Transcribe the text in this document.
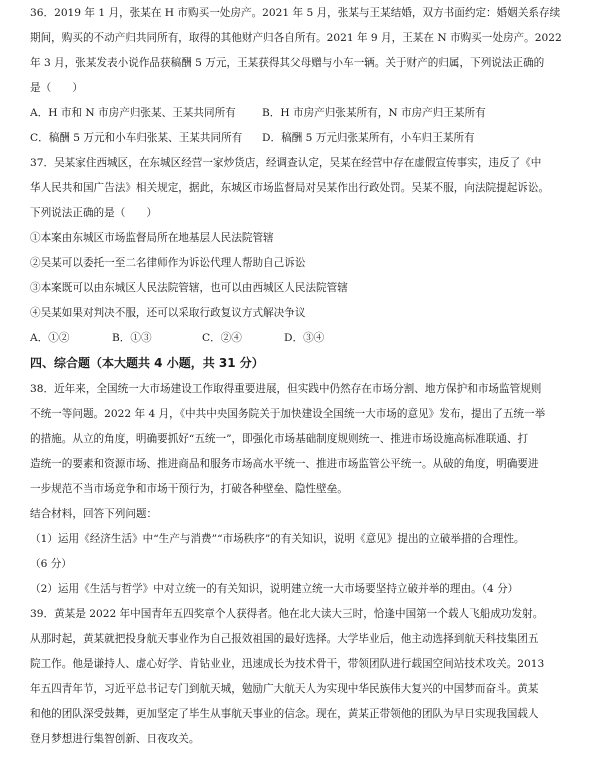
36．2019 年 1 月，张某在 H 市购买一处房产。2021 年 5 月，张某与王某结婚，双方书面约定：婚姻关系存续
期间，购买的不动产归共同所有，取得的其他财产归各自所有。2021 年 9 月，王某在 N 市购买一处房产。2022
年 3 月，张某发表小说作品获稿酬 5 万元，王某获得其父母赠与小车一辆。关于财产的归属，下列说法正确的
是（　　）
A．H 市和 N 市房产归张某、王某共同所有 B．H 市房产归张某所有，N 市房产归王某所有
C．稿酬 5 万元和小车归张某、王某共同所有 D．稿酬 5 万元归张某所有，小车归王某所有
37．吴某家住西城区，在东城区经营一家炒货店，经调查认定，吴某在经营中存在虚假宣传事实，违反了《中
华人民共和国广告法》相关规定，据此，东城区市场监督局对吴某作出行政处罚。吴某不服，向法院提起诉讼。
下列说法正确的是（　　）
①本案由东城区市场监督局所在地基层人民法院管辖
②吴某可以委托一至二名律师作为诉讼代理人帮助自己诉讼
③本案既可以由东城区人民法院管辖，也可以由西城区人民法院管辖
④吴某如果对判决不服，还可以采取行政复议方式解决争议
A．①②	B．①③	C．②④	D．③④
四、综合题（本大题共 4 小题，共 31 分）
38．近年来，全国统一大市场建设工作取得重要进展，但实践中仍然存在市场分割、地方保护和市场监管规则
不统一等问题。2022 年 4 月，《中共中央国务院关于加快建设全国统一大市场的意见》发布，提出了五统一举
的措施。从立的角度，明确要抓好“五统一”，即强化市场基础制度规则统一、推进市场设施高标准联通、打
造统一的要素和资源市场、推进商品和服务市场高水平统一、推进市场监管公平统一。从破的角度，明确要进
一步规范不当市场竞争和市场干预行为，打破各种壁垒、隐性壁垒。
结合材料，回答下列问题：
（1）运用《经济生活》中“生产与消费”“市场秩序”的有关知识，说明《意见》提出的立破举措的合理性。
（6 分）
（2）运用《生活与哲学》中对立统一的有关知识，说明建立统一大市场要坚持立破并举的理由。（4 分）
39．黄某是 2022 年中国青年五四奖章个人获得者。他在北大读大三时，恰逢中国第一个载人飞船成功发射。
从那时起，黄某就把投身航天事业作为自己报效祖国的最好选择。大学毕业后，他主动选择到航天科技集团五
院工作。他是谦持人、虚心好学、肯钻业业，迅速成长为技术骨干，带领团队进行载国空间站技术攻关。2013
年五四青年节，习近平总书记专门到航天城，勉励广大航天人为实现中华民族伟大复兴的中国梦而奋斗。黄某
和他的团队深受鼓舞，更加坚定了毕生从事航天事业的信念。现在，黄某正带领他的团队为早日实现我国载人
登月梦想进行集智创新、日夜攻关。
